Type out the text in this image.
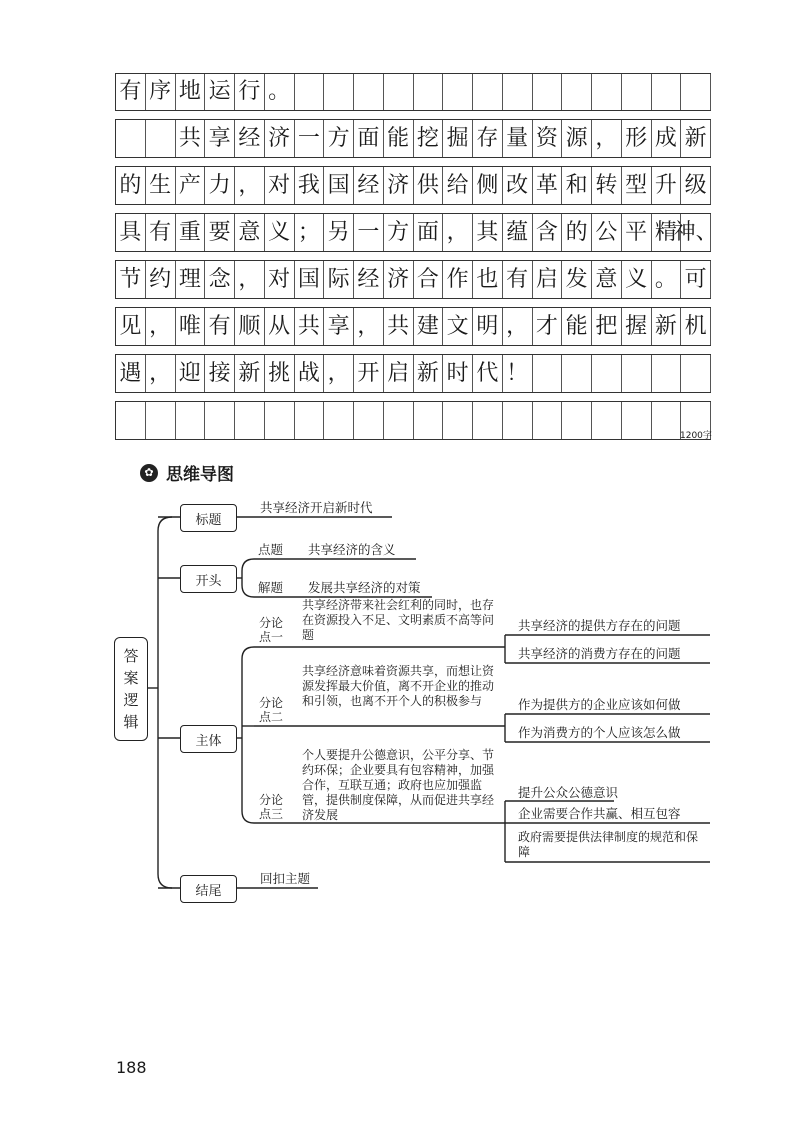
有 序 地 运 行 。
共 享 经 济 一 方 面 能 挖 掘 存 量 资 源 ， 形 成 新
的 生 产 力 ， 对 我 国 经 济 供 给 侧 改 革 和 转 型 升 级
具 有 重 要 意 义 ； 另 一 方 面 ， 其 蕴 含 的 公 平 精
神、
节 约 理 念 ， 对 国 际 经 济 合 作 也 有 启 发 意 义 。 可
见 ， 唯 有 顺 从 共 享 ， 共 建 文 明 ， 才 能 把 握 新 机
遇 ， 迎 接 新 挑 战 ， 开 启 新 时 代 ！
1200字
✿ 思维导图
答
案
逻
辑
标题
开头
主体
结尾
共享经济开启新时代
点题 共享经济的含义
解题 发展共享经济的对策
分论点一
共享经济带来社会红利的同时，也存在资源投入不足、文明素质不高等问题
共享经济的提供方存在的问题
共享经济的消费方存在的问题
分论点二
共享经济意味着资源共享，而想让资源发挥最大价值，离不开企业的推动和引领，也离不开个人的积极参与	作为提供方的企业应该如何做
作为消费方的个人应该怎么做
分论点三
个人要提升公德意识，公平分享、节约环保；企业要具有包容精神，加强合作，互联互通；政府也应加强监管，提供制度保障，从而促进共享经济发展
提升公众公德意识
企业需要合作共赢、相互包容
政府需要提供法律制度的规范和保障
回扣主题
188
